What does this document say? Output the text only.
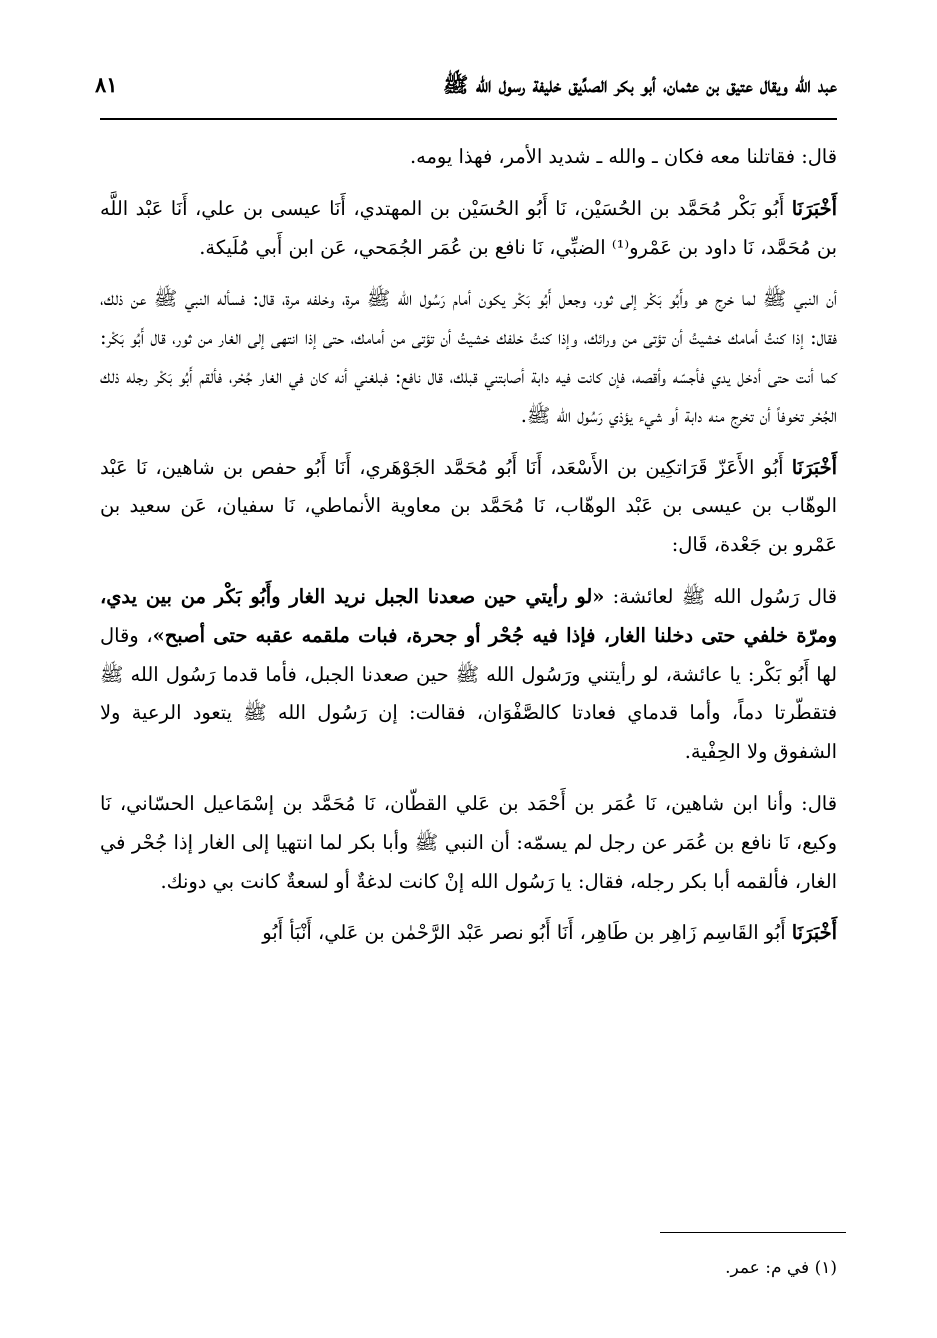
عبد الله ويقال عتيق بن عثمان، أبو بكر الصدِّيق خليفة رسول الله ﷺ
٨١

قال: فقاتلنا معه فكان ـ والله ـ شديد الأمر، فهذا يومه.

أَخْبَرَنَا أَبُو بَكْر مُحَمَّد بن الحُسَيْن، نَا أَبُو الحُسَيْن بن المهتدي، أَنَا عيسى بن علي، أَنَا عَبْد اللَّه بن مُحَمَّد، نَا داود بن عَمْرو⁽¹⁾ الضبِّي، نَا نافع بن عُمَر الجُمَحي، عَن ابن أَبي مُلَيكة.

أن النبي ﷺ لما خرج هو وأَبُو بَكْر إلى ثور، وجعل أَبُو بَكْر يكون أمام رَسُول الله ﷺ مرة، وخلفه مرة، قال: فسأله النبي ﷺ عن ذلك، فقال: إذا كنتُ أمامك خشيتُ أن تؤتى من ورائك، وإذا كنتُ خلفك خشيتُ أن تؤتى من أمامك، حتى إذا انتهى إلى الغار من ثور، قال أَبُو بَكْر: كما أنت حتى أدخل يدي فأجسّه وأقصه، فإن كانت فيه دابة أصابتني قبلك، قال نافع: فبلغني أنه كان في الغار جُحْر، فألقم أَبُو بَكْر رجله ذلك الجُحْر تخوفاً أن تخرج منه دابة أو شيء يؤذي رَسُول الله ﷺ.

أَخْبَرَنَا أَبُو الأَعَزّ قَرَاتكِين بن الأَسْعَد، أَنَا أَبُو مُحَمَّد الجَوْهَري، أَنَا أَبُو حفص بن شاهين، نَا عَبْد الوهّاب بن عيسى بن عَبْد الوهّاب، نَا مُحَمَّد بن معاوية الأنماطي، نَا سفيان، عَن سعيد بن عَمْرو بن جَعْدة، قَال:

قال رَسُول الله ﷺ لعائشة: «لو رأيتي حين صعدنا الجبل نريد الغار وأَبُو بَكْر من بين يدي، ومرّة خلفي حتى دخلنا الغار، فإذا فيه جُحْر أو جحرة، فبات ملقمه عقبه حتى أصبح»، وقال لها أَبُو بَكْر: يا عائشة، لو رأيتني ورَسُول الله ﷺ حين صعدنا الجبل، فأما قدما رَسُول الله ﷺ فتقطّرتا دماً، وأما قدماي فعادتا كالصَّفْوَان، فقالت: إن رَسُول الله ﷺ يتعود الرعية ولا الشفوق ولا الحِفْية.

قال: وأنا ابن شاهين، نَا عُمَر بن أَحْمَد بن عَلي القطّان، نَا مُحَمَّد بن إسْمَاعيل الحسّاني، نَا وكيع، نَا نافع بن عُمَر عن رجل لم يسمّه: أن النبي ﷺ وأبا بكر لما انتهيا إلى الغار إذا جُحْر في الغار، فألقمه أبا بكر رجله، فقال: يا رَسُول الله إنْ كانت لدغةٌ أو لسعةٌ كانت بي دونك.

أَخْبَرَنَا أَبُو القَاسِم زَاهِر بن طَاهِر، أَنَا أَبُو نصر عَبْد الرَّحْمٰن بن عَلي، أَنْبَأ أَبُو

(١) في م: عمر.
